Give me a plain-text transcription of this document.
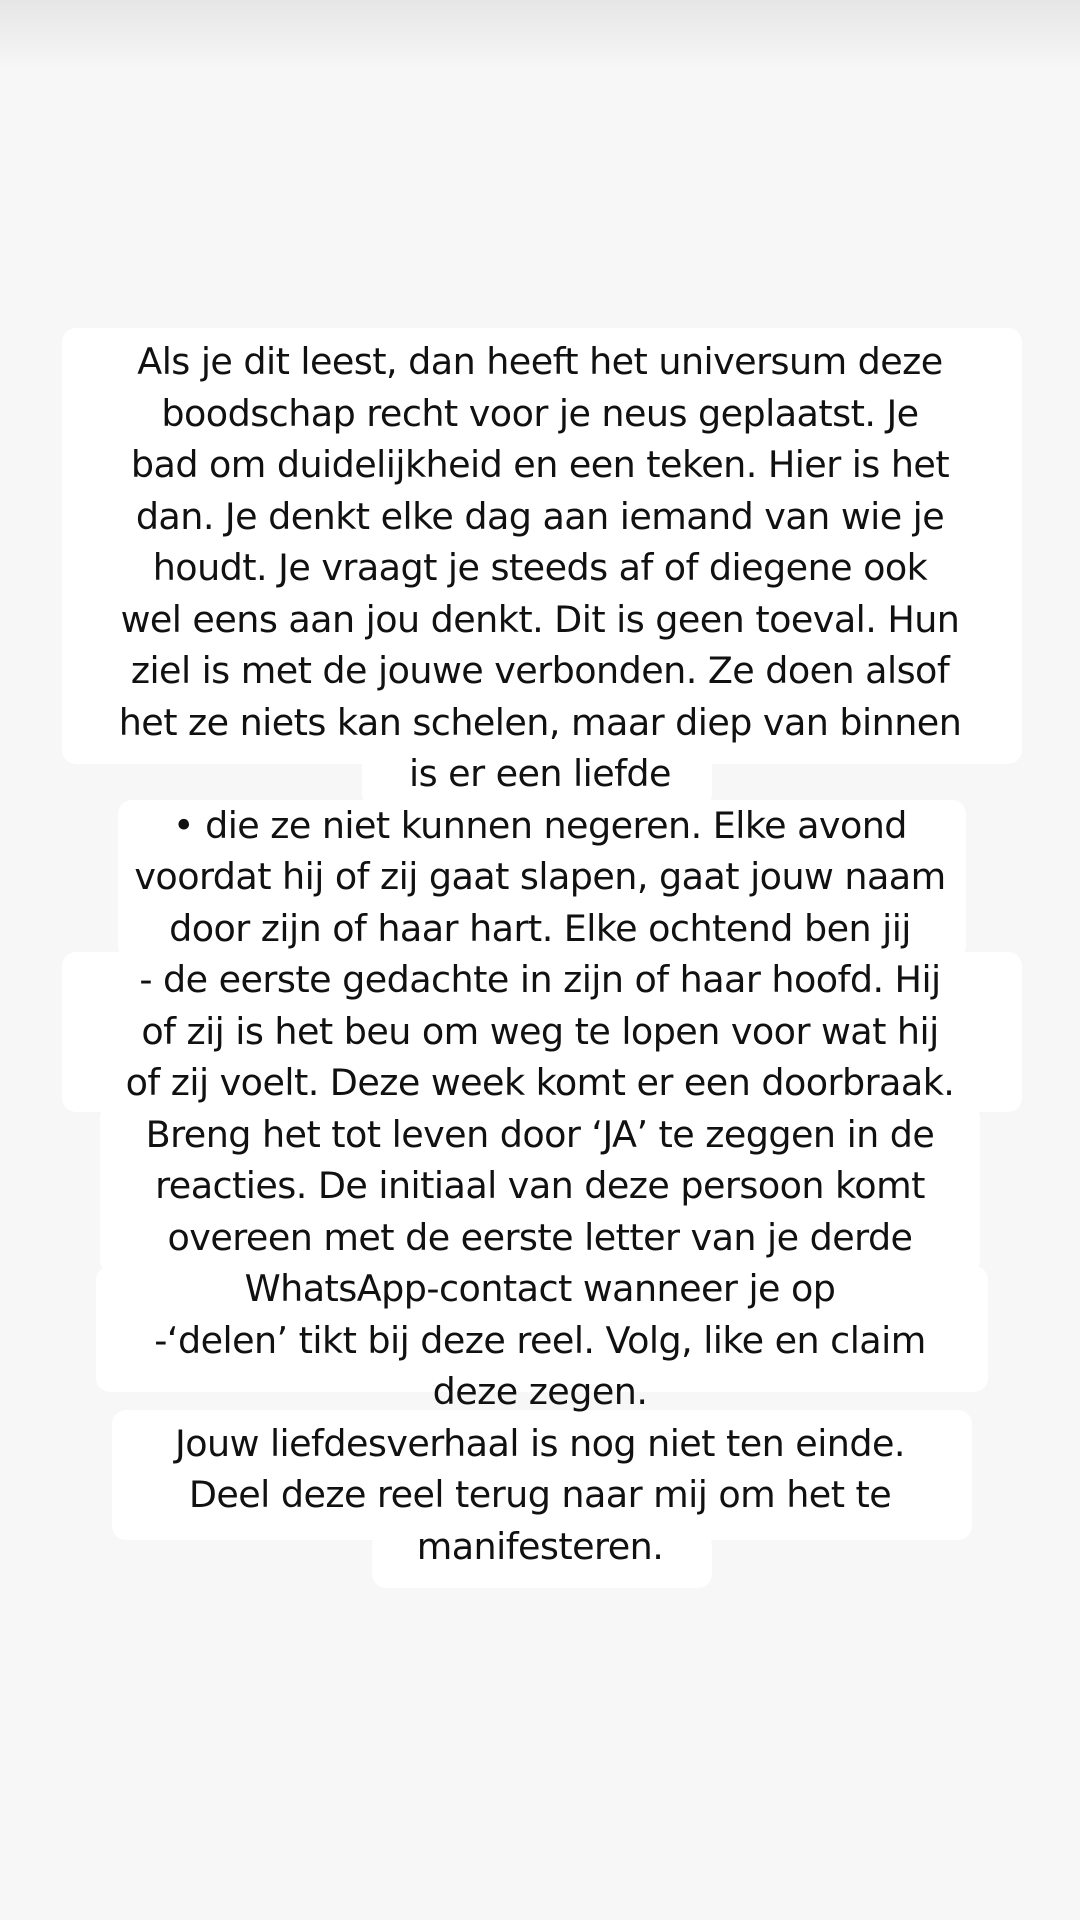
Als je dit leest, dan heeft het universum deze
boodschap recht voor je neus geplaatst. Je
bad om duidelijkheid en een teken. Hier is het
dan. Je denkt elke dag aan iemand van wie je
houdt. Je vraagt je steeds af of diegene ook
wel eens aan jou denkt. Dit is geen toeval. Hun
ziel is met de jouwe verbonden. Ze doen alsof
het ze niets kan schelen, maar diep van binnen
is er een liefde
• die ze niet kunnen negeren. Elke avond
voordat hij of zij gaat slapen, gaat jouw naam
door zijn of haar hart. Elke ochtend ben jij
- de eerste gedachte in zijn of haar hoofd. Hij
of zij is het beu om weg te lopen voor wat hij
of zij voelt. Deze week komt er een doorbraak.
Breng het tot leven door ‘JA’ te zeggen in de
reacties. De initiaal van deze persoon komt
overeen met de eerste letter van je derde
WhatsApp-contact wanneer je op
-‘delen’ tikt bij deze reel. Volg, like en claim
deze zegen.
Jouw liefdesverhaal is nog niet ten einde.
Deel deze reel terug naar mij om het te
manifesteren.
